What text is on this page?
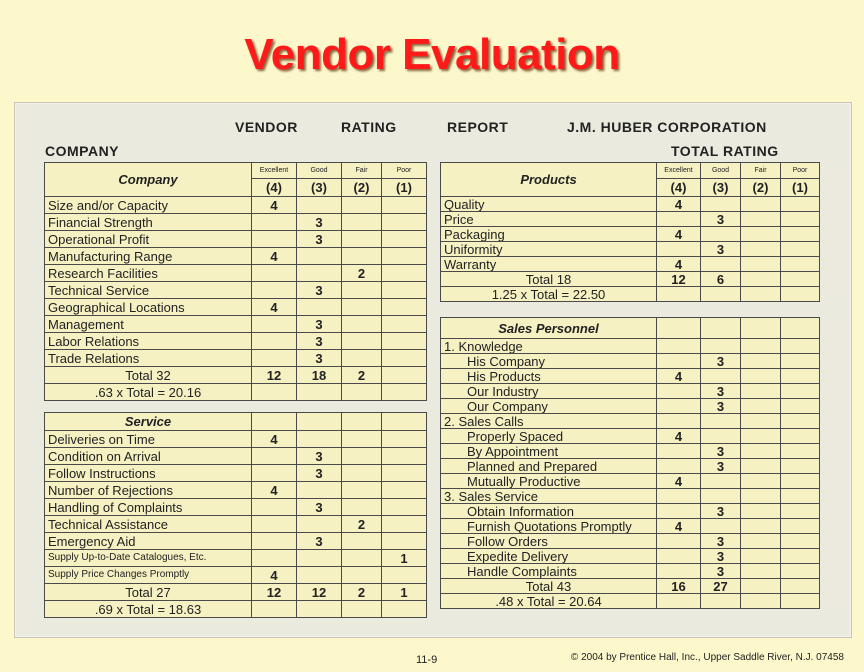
Vendor Evaluation
VENDOR	RATING	REPORT	J.M. HUBER CORPORATION
COMPANY	TOTAL RATING
Company	Excellent	Good	Fair	Poor
	(4)	(3)	(2)	(1)
Size and/or Capacity	4			
Financial Strength		3		
Operational Profit		3		
Manufacturing Range	4			
Research Facilities			2	
Technical Service		3		
Geographical Locations	4			
Management		3		
Labor Relations		3		
Trade Relations		3		
Total 32	12	18	2	
.63 x Total = 20.16				
Service				
Deliveries on Time	4			
Condition on Arrival		3		
Follow Instructions		3		
Number of Rejections	4			
Handling of Complaints		3		
Technical Assistance			2	
Emergency Aid		3		
Supply Up-to-Date Catalogues, Etc.				1
Supply Price Changes Promptly	4			
Total 27	12	12	2	1
.69 x Total = 18.63				
Products	Excellent	Good	Fair	Poor
	(4)	(3)	(2)	(1)
Quality	4			
Price		3		
Packaging	4			
Uniformity		3		
Warranty	4			
Total 18	12	6		
1.25 x Total = 22.50				
Sales Personnel				
1. Knowledge				
His Company		3		
His Products	4			
Our Industry		3		
Our Company		3		
2. Sales Calls				
Properly Spaced	4			
By Appointment		3		
Planned and Prepared		3		
Mutually Productive	4			
3. Sales Service				
Obtain Information		3		
Furnish Quotations Promptly	4			
Follow Orders		3		
Expedite Delivery		3		
Handle Complaints		3		
Total 43	16	27		
.48 x Total = 20.64				
11-9	© 2004 by Prentice Hall, Inc., Upper Saddle River, N.J. 07458
